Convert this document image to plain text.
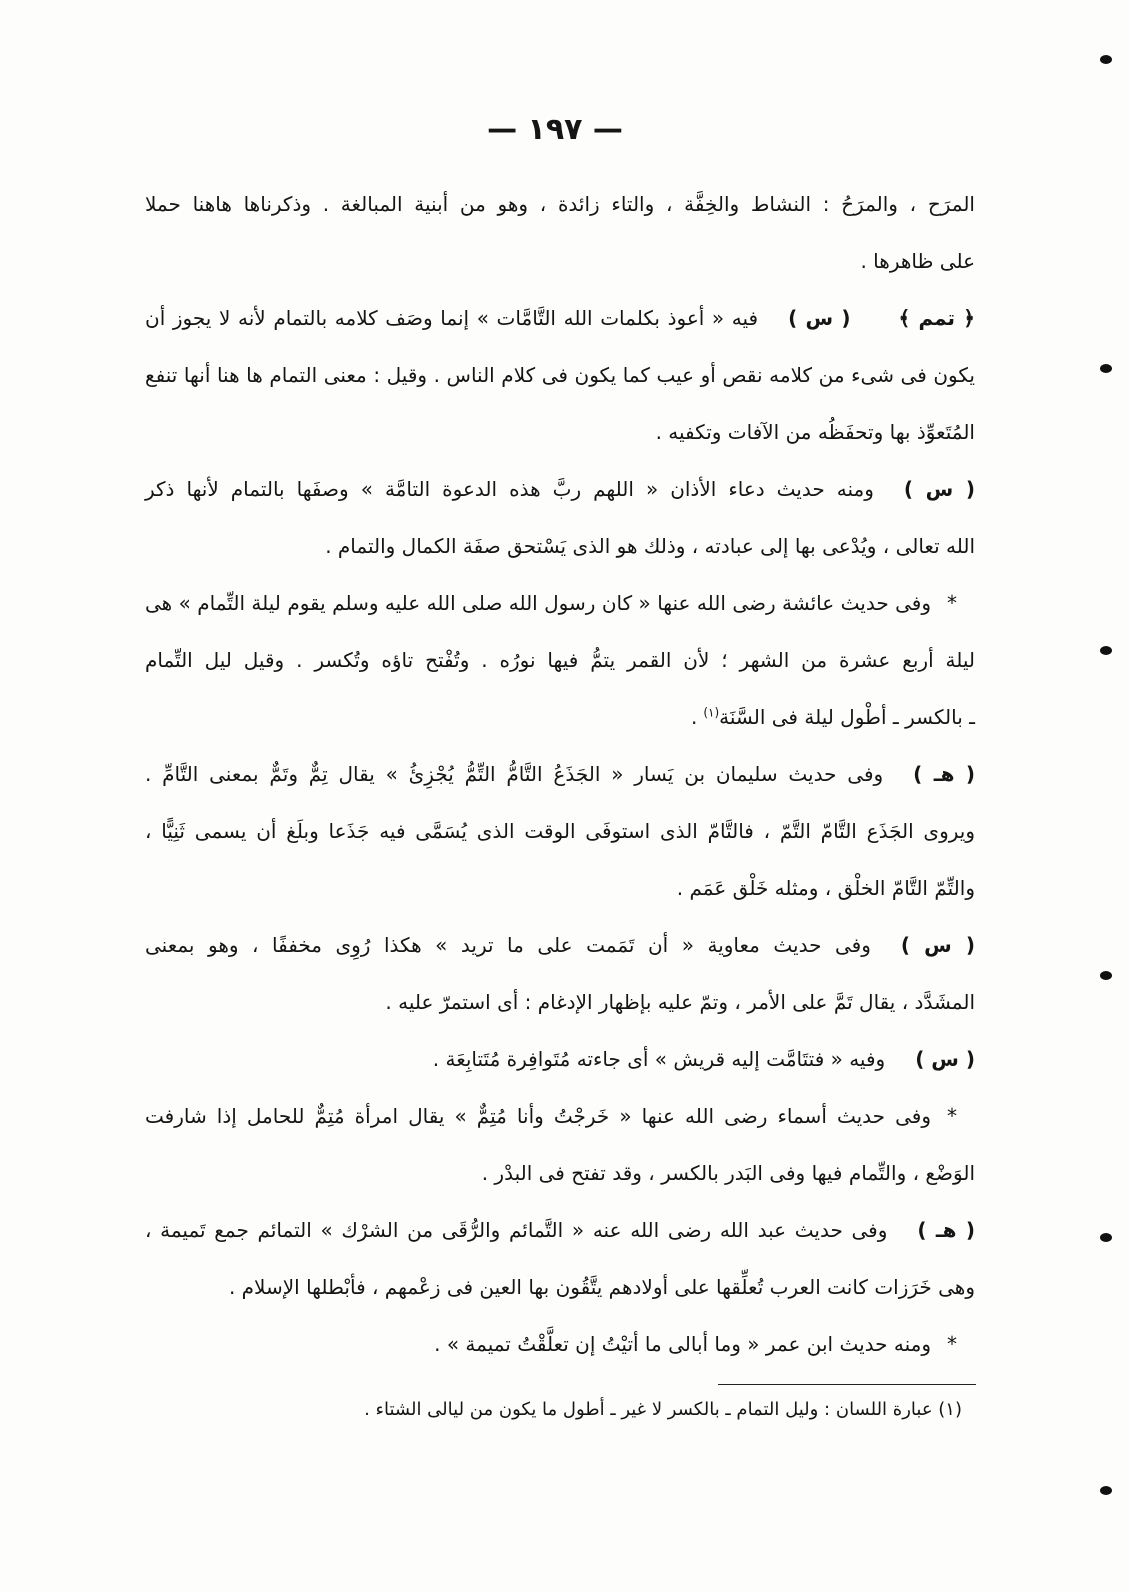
— ١٩٧ —
المرَح ، والمرَحُ : النشاط والخِفَّة ، والتاء زائدة ، وهو من أبنية المبالغة . وذكرناها هاهنا حملا
على ظاهرها .
﴿ تمم ﴾( س )فيه « أعوذ بكلمات الله التَّامَّات » إنما وصَف كلامه بالتمام لأنه لا يجوز أن
يكون فى شىء من كلامه نقص أو عيب كما يكون فى كلام الناس . وقيل : معنى التمام ها هنا أنها تنفع
المُتَعوِّذ بها وتحفَظُه من الآفات وتكفيه .
( س )ومنه حديث دعاء الأذان « اللهم ربَّ هذه الدعوة التامَّة » وصفَها بالتمام لأنها ذكر
الله تعالى ، ويُدْعى بها إلى عبادته ، وذلك هو الذى يَسْتحق صفَة الكمال والتمام .
*وفى حديث عائشة رضى الله عنها « كان رسول الله صلى الله عليه وسلم يقوم ليلة التِّمام » هى
ليلة أربع عشرة من الشهر ؛ لأن القمر يتمُّ فيها نورُه . وتُفْتح تاؤه وتُكسر . وقيل ليل التِّمام
ـ بالكسر ـ أطْول ليلة فى السَّنَة$^{(١)}$.
( هـ )وفى حديث سليمان بن يَسار « الجَذَعُ التَّامُّ التِّمُّ يُجْزِئُ » يقال تِمٌّ وتَمٌّ بمعنى التَّامِّ .
ويروى الجَذَع التَّامّ التَّمّ ، فالتَّامّ الذى استوفَى الوقت الذى يُسَمَّى فيه جَذَعا وبلَغ أن يسمى ثَنِيًّا ،
والتِّمّ التَّامّ الخلْق ، ومثله خَلْق عَمَم .
( س )وفى حديث معاوية « أن تَمَمت على ما تريد » هكذا رُوِى مخففًا ، وهو بمعنى
المشَدَّد ، يقال تَمَّ على الأمر ، وتمّ عليه بإظهار الإدغام : أى استمرّ عليه .
( س )وفيه « فتتَامَّت إليه قريش » أى جاءته مُتَوافِرة مُتَتابِعَة .
*وفى حديث أسماء رضى الله عنها « خَرجْتُ وأنا مُتِمٌّ » يقال امرأة مُتِمٌّ للحامل إذا شارفت
الوَضْع ، والتِّمام فيها وفى البَدر بالكسر ، وقد تفتح فى البدْر .
( هـ )وفى حديث عبد الله رضى الله عنه « التَّمائم والرُّقَى من الشرْك » التمائم جمع تَميمة ،
وهى خَرَزات كانت العرب تُعلِّقها على أولادهم يتَّقُون بها العين فى زعْمهم ، فأبْطلها الإسلام .
*ومنه حديث ابن عمر « وما أبالى ما أتيْتُ إن تعلَّقْتُ تميمة » .
(١) عبارة اللسان : وليل التمام ـ بالكسر لا غير ـ أطول ما يكون من ليالى الشتاء .
